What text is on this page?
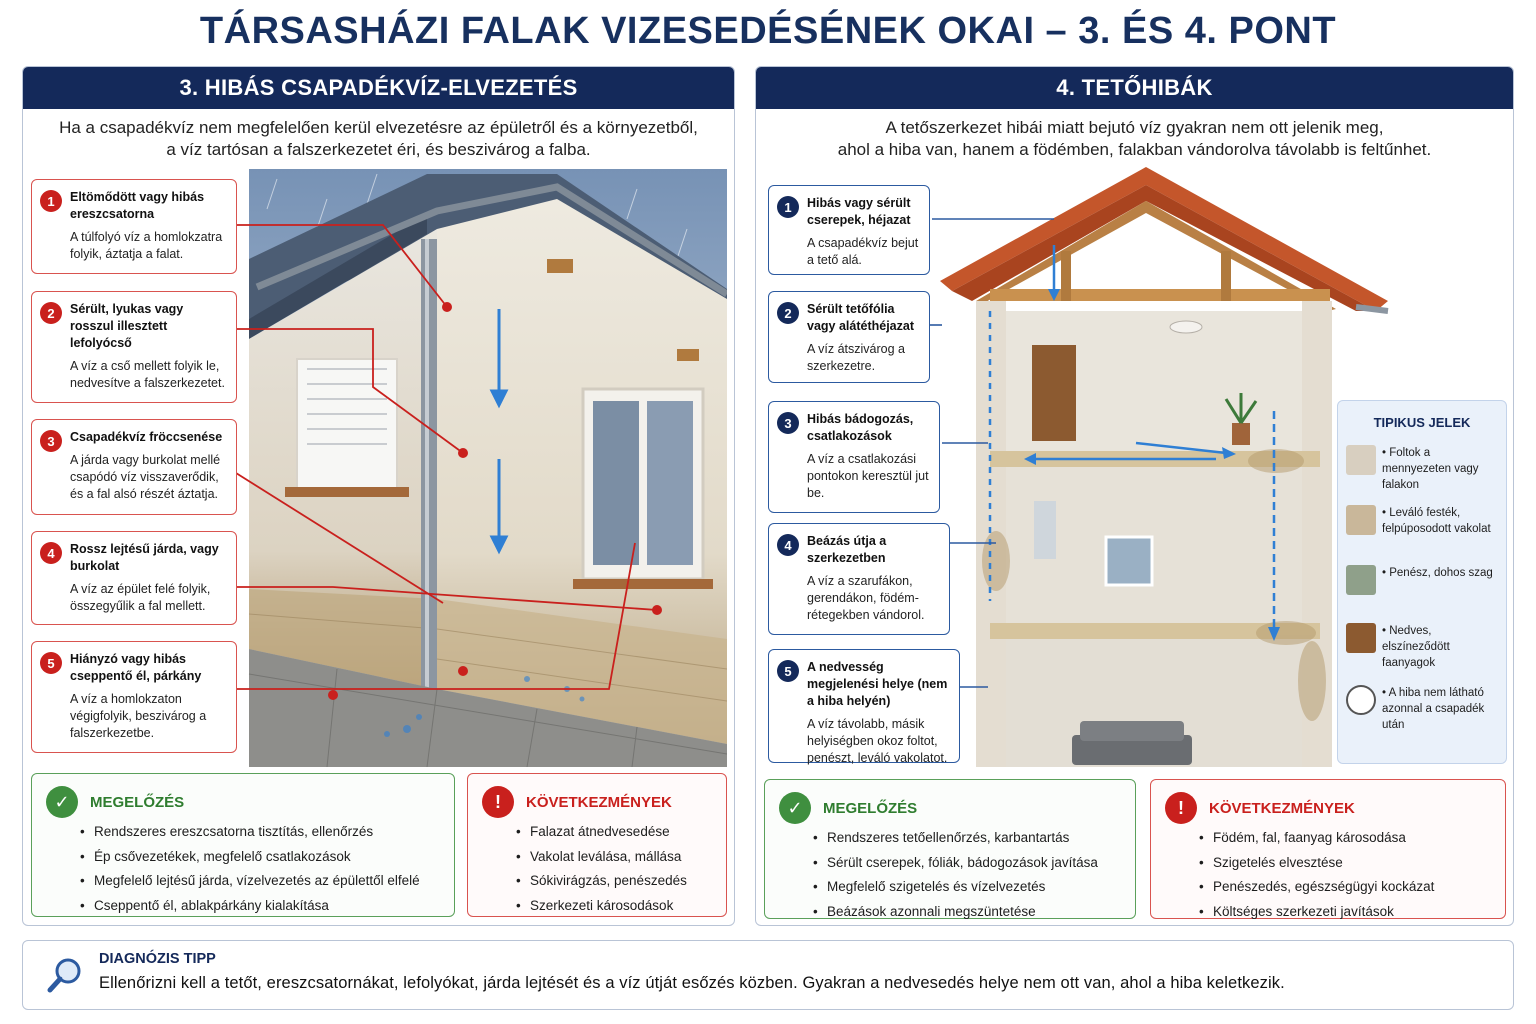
TÁRSASHÁZI FALAK VIZESEDÉSÉNEK OKAI – 3. ÉS 4. PONT
3. HIBÁS CSAPADÉKVÍZ-ELVEZETÉS
Ha a csapadékvíz nem megfelelően kerül elvezetésre az épületről és a környezetből,
a víz tartósan a falszerkezetet éri, és beszivárog a falba.
1	Eltömődött vagy hibás ereszcsatorna
A túlfolyó víz a homlokzatra folyik, áztatja a falat.
2	Sérült, lyukas vagy rosszul illesztett lefolyócső
A víz a cső mellett folyik le, nedvesítve a falszerkezetet.
3	Csapadékvíz fröccsenése
A járda vagy burkolat mellé csapódó víz visszaverődik, és a fal alsó részét áztatja.
4	Rossz lejtésű járda, vagy burkolat
A víz az épület felé folyik, összegyűlik a fal mellett.
5	Hiányzó vagy hibás cseppentő él, párkány
A víz a homlokzaton végigfolyik, beszivárog a falszerkezetbe.
✓	MEGELŐZÉS
• Rendszeres ereszcsatorna tisztítás, ellenőrzés
• Ép csővezetékek, megfelelő csatlakozások
• Megfelelő lejtésű járda, vízelvezetés az épülettől elfelé
• Cseppentő él, ablakpárkány kialakítása
!	KÖVETKEZMÉNYEK
• Falazat átnedvesedése
• Vakolat leválása, mállása
• Sókivirágzás, penészedés
• Szerkezeti károsodások
4. TETŐHIBÁK
A tetőszerkezet hibái miatt bejutó víz gyakran nem ott jelenik meg,
ahol a hiba van, hanem a födémben, falakban vándorolva távolabb is feltűnhet.
1	Hibás vagy sérült cserepek, héjazat
A csapadékvíz bejut a tető alá.
2	Sérült tetőfólia vagy alátéthéjazat
A víz átszivárog a szerkezetre.
3	Hibás bádogozás, csatlakozások
A víz a csatlakozási pontokon keresztül jut be.
4	Beázás útja a szerkezetben
A víz a szarufákon, gerendákon, födém-rétegekben vándorol.
5	A nedvesség megjelenési helye (nem a hiba helyén)
A víz távolabb, másik helyiségben okoz foltot, penészt, leváló vakolatot.
TIPIKUS JELEK
• Foltok a mennyezeten vagy falakon
• Leváló festék, felpúposodott vakolat
• Penész, dohos szag
• Nedves, elszíneződött faanyagok
• A hiba nem látható azonnal a csapadék után
✓	MEGELŐZÉS
• Rendszeres tetőellenőrzés, karbantartás
• Sérült cserepek, fóliák, bádogozások javítása
• Megfelelő szigetelés és vízelvezetés
• Beázások azonnali megszüntetése
!	KÖVETKEZMÉNYEK
• Födém, fal, faanyag károsodása
• Szigetelés elvesztése
• Penészedés, egészségügyi kockázat
• Költséges szerkezeti javítások
DIAGNÓZIS TIPP
Ellenőrizni kell a tetőt, ereszcsatornákat, lefolyókat, járda lejtését és a víz útját esőzés közben. Gyakran a nedvesedés helye nem ott van, ahol a hiba keletkezik.
